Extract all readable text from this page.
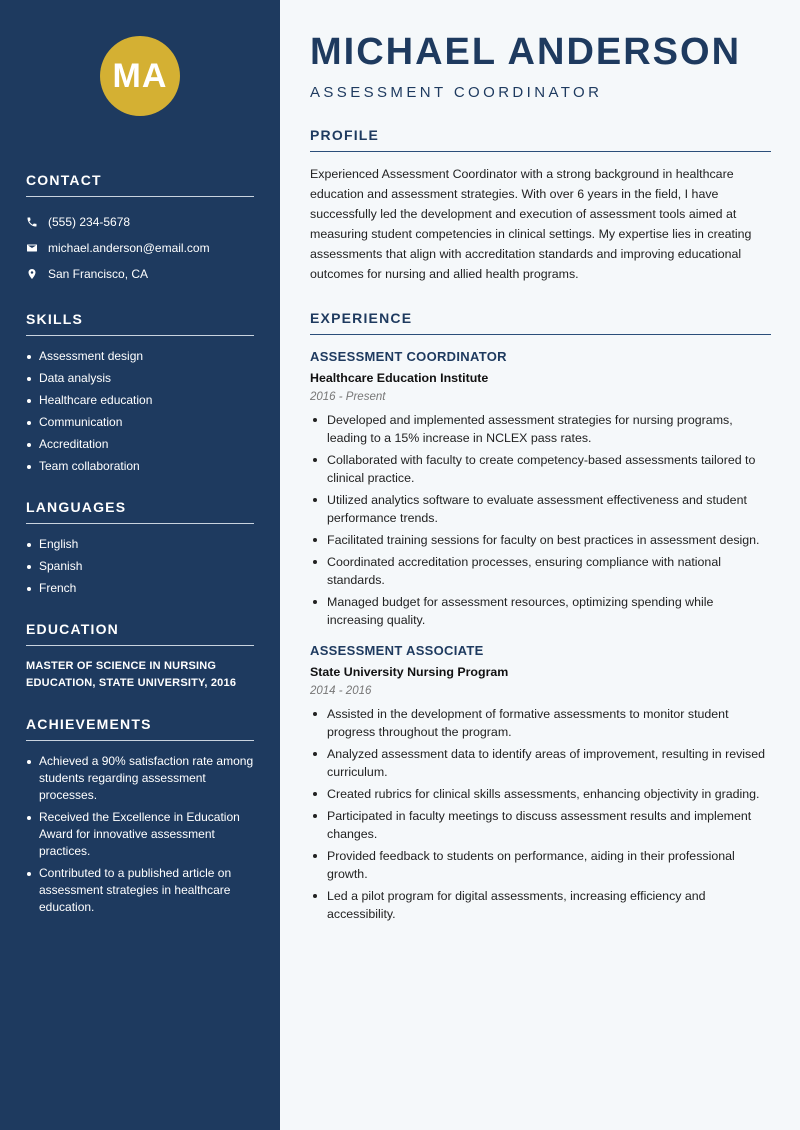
MA
CONTACT
(555) 234-5678
michael.anderson@email.com
San Francisco, CA
SKILLS
Assessment design
Data analysis
Healthcare education
Communication
Accreditation
Team collaboration
LANGUAGES
English
Spanish
French
EDUCATION
MASTER OF SCIENCE IN NURSING EDUCATION, STATE UNIVERSITY, 2016
ACHIEVEMENTS
Achieved a 90% satisfaction rate among students regarding assessment processes.
Received the Excellence in Education Award for innovative assessment practices.
Contributed to a published article on assessment strategies in healthcare education.
MICHAEL ANDERSON
ASSESSMENT COORDINATOR
PROFILE
Experienced Assessment Coordinator with a strong background in healthcare education and assessment strategies. With over 6 years in the field, I have successfully led the development and execution of assessment tools aimed at measuring student competencies in clinical settings. My expertise lies in creating assessments that align with accreditation standards and improving educational outcomes for nursing and allied health programs.
EXPERIENCE
ASSESSMENT COORDINATOR
Healthcare Education Institute
2016 - Present
Developed and implemented assessment strategies for nursing programs, leading to a 15% increase in NCLEX pass rates.
Collaborated with faculty to create competency-based assessments tailored to clinical practice.
Utilized analytics software to evaluate assessment effectiveness and student performance trends.
Facilitated training sessions for faculty on best practices in assessment design.
Coordinated accreditation processes, ensuring compliance with national standards.
Managed budget for assessment resources, optimizing spending while increasing quality.
ASSESSMENT ASSOCIATE
State University Nursing Program
2014 - 2016
Assisted in the development of formative assessments to monitor student progress throughout the program.
Analyzed assessment data to identify areas of improvement, resulting in revised curriculum.
Created rubrics for clinical skills assessments, enhancing objectivity in grading.
Participated in faculty meetings to discuss assessment results and implement changes.
Provided feedback to students on performance, aiding in their professional growth.
Led a pilot program for digital assessments, increasing efficiency and accessibility.
